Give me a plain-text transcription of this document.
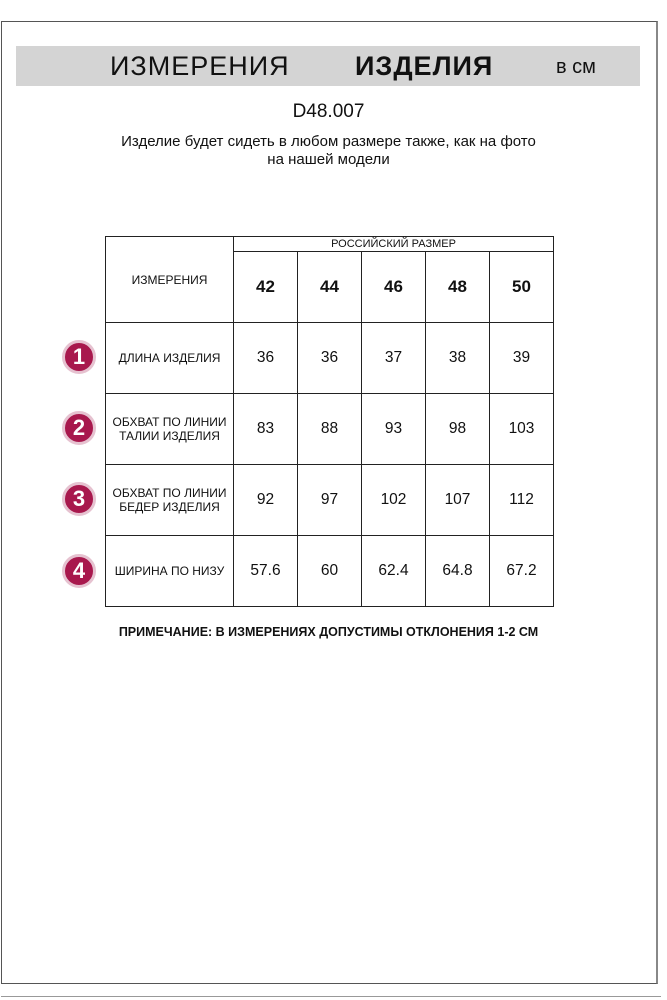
ИЗМЕРЕНИЯ ИЗДЕЛИЯ	в см
D48.007
Изделие будет сидеть в любом размере также, как на фото
на нашей модели
ИЗМЕРЕНИЯ	РОССИЙСКИЙ РАЗМЕР				
	42	44	46	48	50

ДЛИНА ИЗДЕЛИЯ	36	36	37	38	39

ОБХВАТ ПО ЛИНИИ
ТАЛИИ ИЗДЕЛИЯ	83	88	93	98	103

ОБХВАТ ПО ЛИНИИ
БЕДЕР ИЗДЕЛИЯ	92	97	102	107	112

ШИРИНА ПО НИЗУ	57.6	60	62.4	64.8	67.2
1
2
3
4
ПРИМЕЧАНИЕ: В ИЗМЕРЕНИЯХ ДОПУСТИМЫ ОТКЛОНЕНИЯ 1-2 СМ
